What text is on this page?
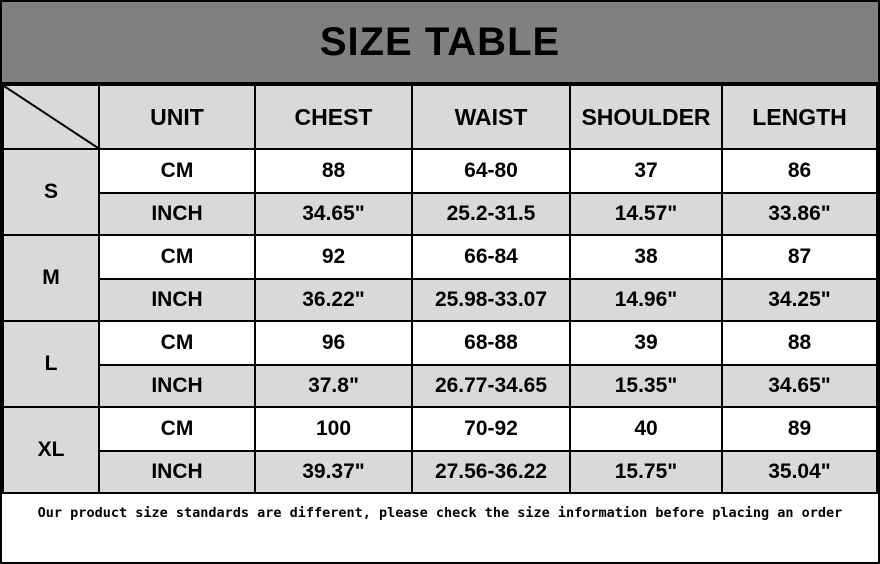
SIZE TABLE
	UNIT	CHEST	WAIST	SHOULDER	LENGTH
S	CM	88	64-80	37	86
	INCH	34.65"	25.2-31.5	14.57"	33.86"
M	CM	92	66-84	38	87
	INCH	36.22"	25.98-33.07	14.96"	34.25"
L	CM	96	68-88	39	88
	INCH	37.8"	26.77-34.65	15.35"	34.65"
XL	CM	100	70-92	40	89
	INCH	39.37"	27.56-36.22	15.75"	35.04"
Our product size standards are different, please check the size information before placing an order
